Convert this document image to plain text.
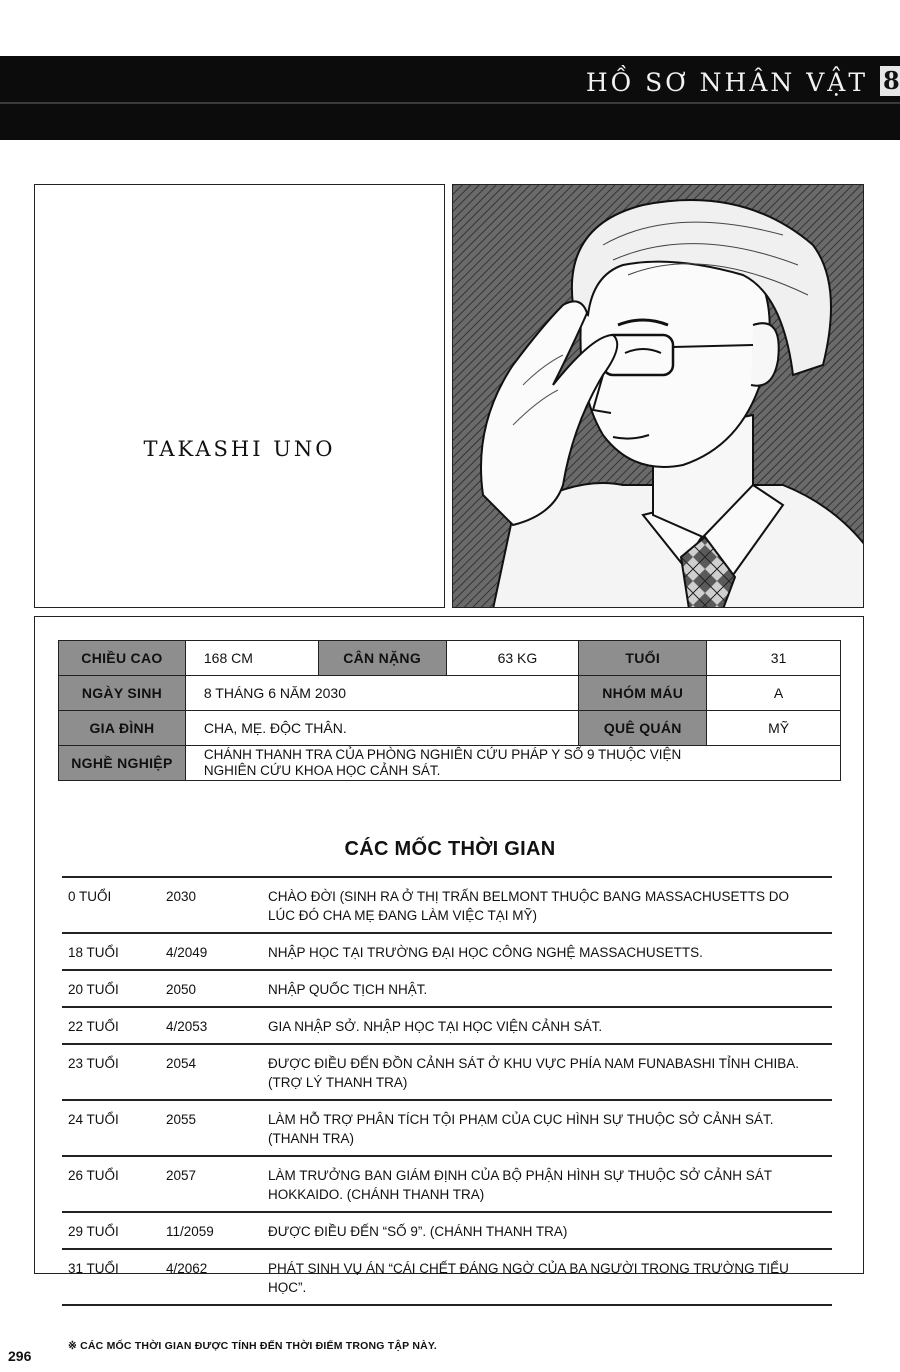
HỒ SƠ NHÂN VẬT 8
TAKASHI UNO
CHIỀU CAO	168 CM	CÂN NẶNG	63 KG	TUỔI	31
NGÀY SINH	8 THÁNG 6 NĂM 2030			NHÓM MÁU	A
GIA ĐÌNH	CHA, MẸ. ĐỘC THÂN.			QUÊ QUÁN	MỸ
NGHỀ NGHIỆP	CHÁNH THANH TRA CỦA PHÒNG NGHIÊN CỨU PHÁP Y SỐ 9 THUỘC VIỆN NGHIÊN CỨU KHOA HỌC CẢNH SÁT.				
CÁC MỐC THỜI GIAN
0 TUỔI	2030	CHÀO ĐỜI (SINH RA Ở THỊ TRẤN BELMONT THUỘC BANG MASSACHUSETTS DO LÚC ĐÓ CHA MẸ ĐANG LÀM VIỆC TẠI MỸ)
18 TUỔI	4/2049	NHẬP HỌC TẠI TRƯỜNG ĐẠI HỌC CÔNG NGHỆ MASSACHUSETTS.
20 TUỔI	2050	NHẬP QUỐC TỊCH NHẬT.
22 TUỔI	4/2053	GIA NHẬP SỞ. NHẬP HỌC TẠI HỌC VIỆN CẢNH SÁT.
23 TUỔI	2054	ĐƯỢC ĐIỀU ĐẾN ĐỒN CẢNH SÁT Ở KHU VỰC PHÍA NAM FUNABASHI TỈNH CHIBA. (TRỢ LÝ THANH TRA)
24 TUỔI	2055	LÀM HỖ TRỢ PHÂN TÍCH TỘI PHẠM CỦA CỤC HÌNH SỰ THUỘC SỞ CẢNH SÁT. (THANH TRA)
26 TUỔI	2057	LÀM TRƯỞNG BAN GIÁM ĐỊNH CỦA BỘ PHẬN HÌNH SỰ THUỘC SỞ CẢNH SÁT HOKKAIDO. (CHÁNH THANH TRA)
29 TUỔI	11/2059	ĐƯỢC ĐIỀU ĐẾN “SỐ 9”. (CHÁNH THANH TRA)
31 TUỔI	4/2062	PHÁT SINH VỤ ÁN “CÁI CHẾT ĐÁNG NGỜ CỦA BA NGƯỜI TRONG TRƯỜNG TIỂU HỌC”.
296
※ CÁC MỐC THỜI GIAN ĐƯỢC TÍNH ĐẾN THỜI ĐIỂM TRONG TẬP NÀY.
